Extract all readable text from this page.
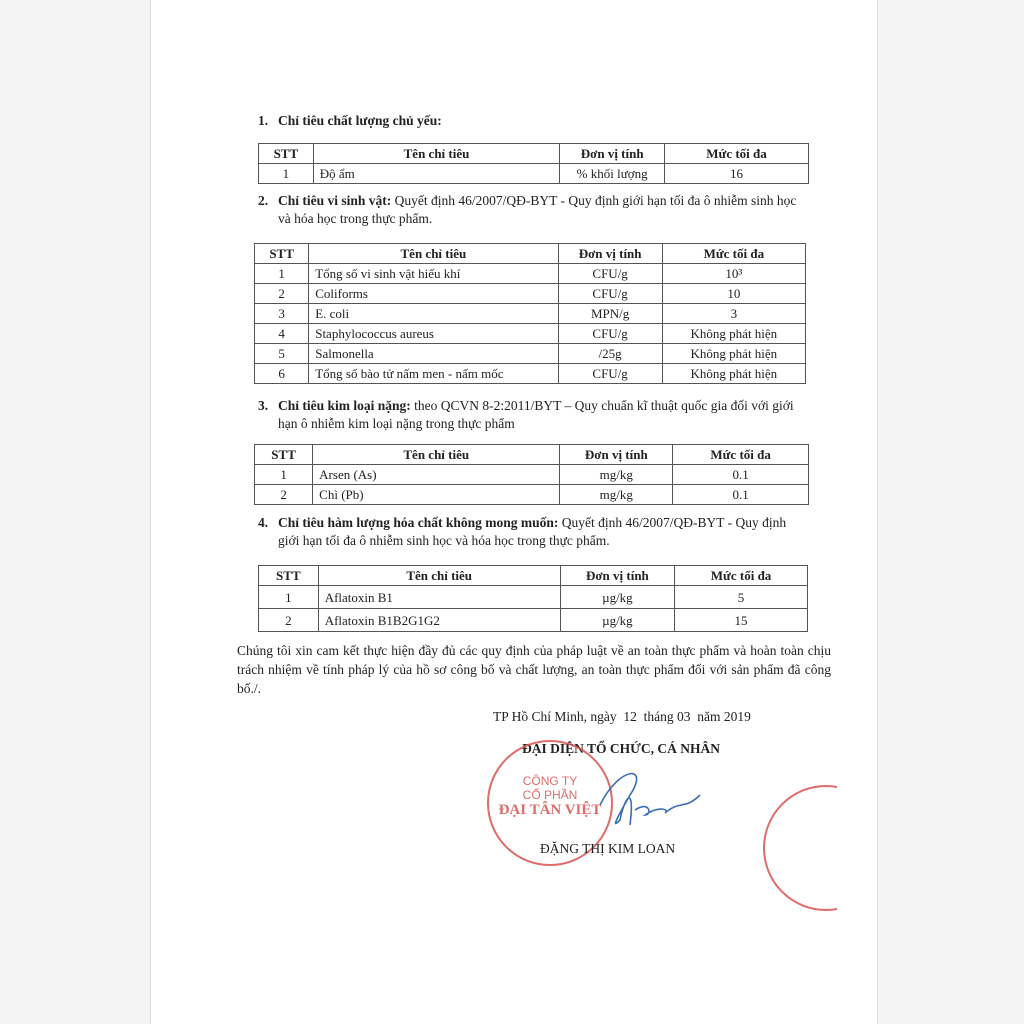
1. Chỉ tiêu chất lượng chủ yếu:
STT	Tên chỉ tiêu	Đơn vị tính	Mức tối đa
1	Độ ẩm	% khối lượng	16
2. Chỉ tiêu vi sinh vật: Quyết định 46/2007/QĐ-BYT - Quy định giới hạn tối đa ô nhiễm sinh học và hóa học trong thực phẩm.
STT	Tên chỉ tiêu	Đơn vị tính	Mức tối đa
1	Tổng số vi sinh vật hiếu khí	CFU/g	10³
2	Coliforms	CFU/g	10
3	E. coli	MPN/g	3
4	Staphylococcus aureus	CFU/g	Không phát hiện
5	Salmonella	/25g	Không phát hiện
6	Tổng số bào tử nấm men - nấm mốc	CFU/g	Không phát hiện
3. Chỉ tiêu kim loại nặng: theo QCVN 8-2:2011/BYT – Quy chuẩn kĩ thuật quốc gia đối với giới hạn ô nhiễm kim loại nặng trong thực phẩm
STT	Tên chỉ tiêu	Đơn vị tính	Mức tối đa
1	Arsen (As)	mg/kg	0.1
2	Chì (Pb)	mg/kg	0.1
4. Chỉ tiêu hàm lượng hóa chất không mong muốn: Quyết định 46/2007/QĐ-BYT - Quy định giới hạn tối đa ô nhiễm sinh học và hóa học trong thực phẩm.
STT	Tên chỉ tiêu	Đơn vị tính	Mức tối đa
1	Aflatoxin B1	µg/kg	5
2	Aflatoxin B1B2G1G2	µg/kg	15
Chúng tôi xin cam kết thực hiện đầy đủ các quy định của pháp luật về an toàn thực phẩm và hoàn toàn chịu trách nhiệm về tính pháp lý của hồ sơ công bố và chất lượng, an toàn thực phẩm đối với sản phẩm đã công bố./.
TP Hồ Chí Minh, ngày  12  tháng 03  năm 2019
ĐẠI DIỆN TỔ CHỨC, CÁ NHÂN
CÔNG TY
CỔ PHẦN
ĐẠI TÂN VIỆT

ĐẶNG THỊ KIM LOAN
